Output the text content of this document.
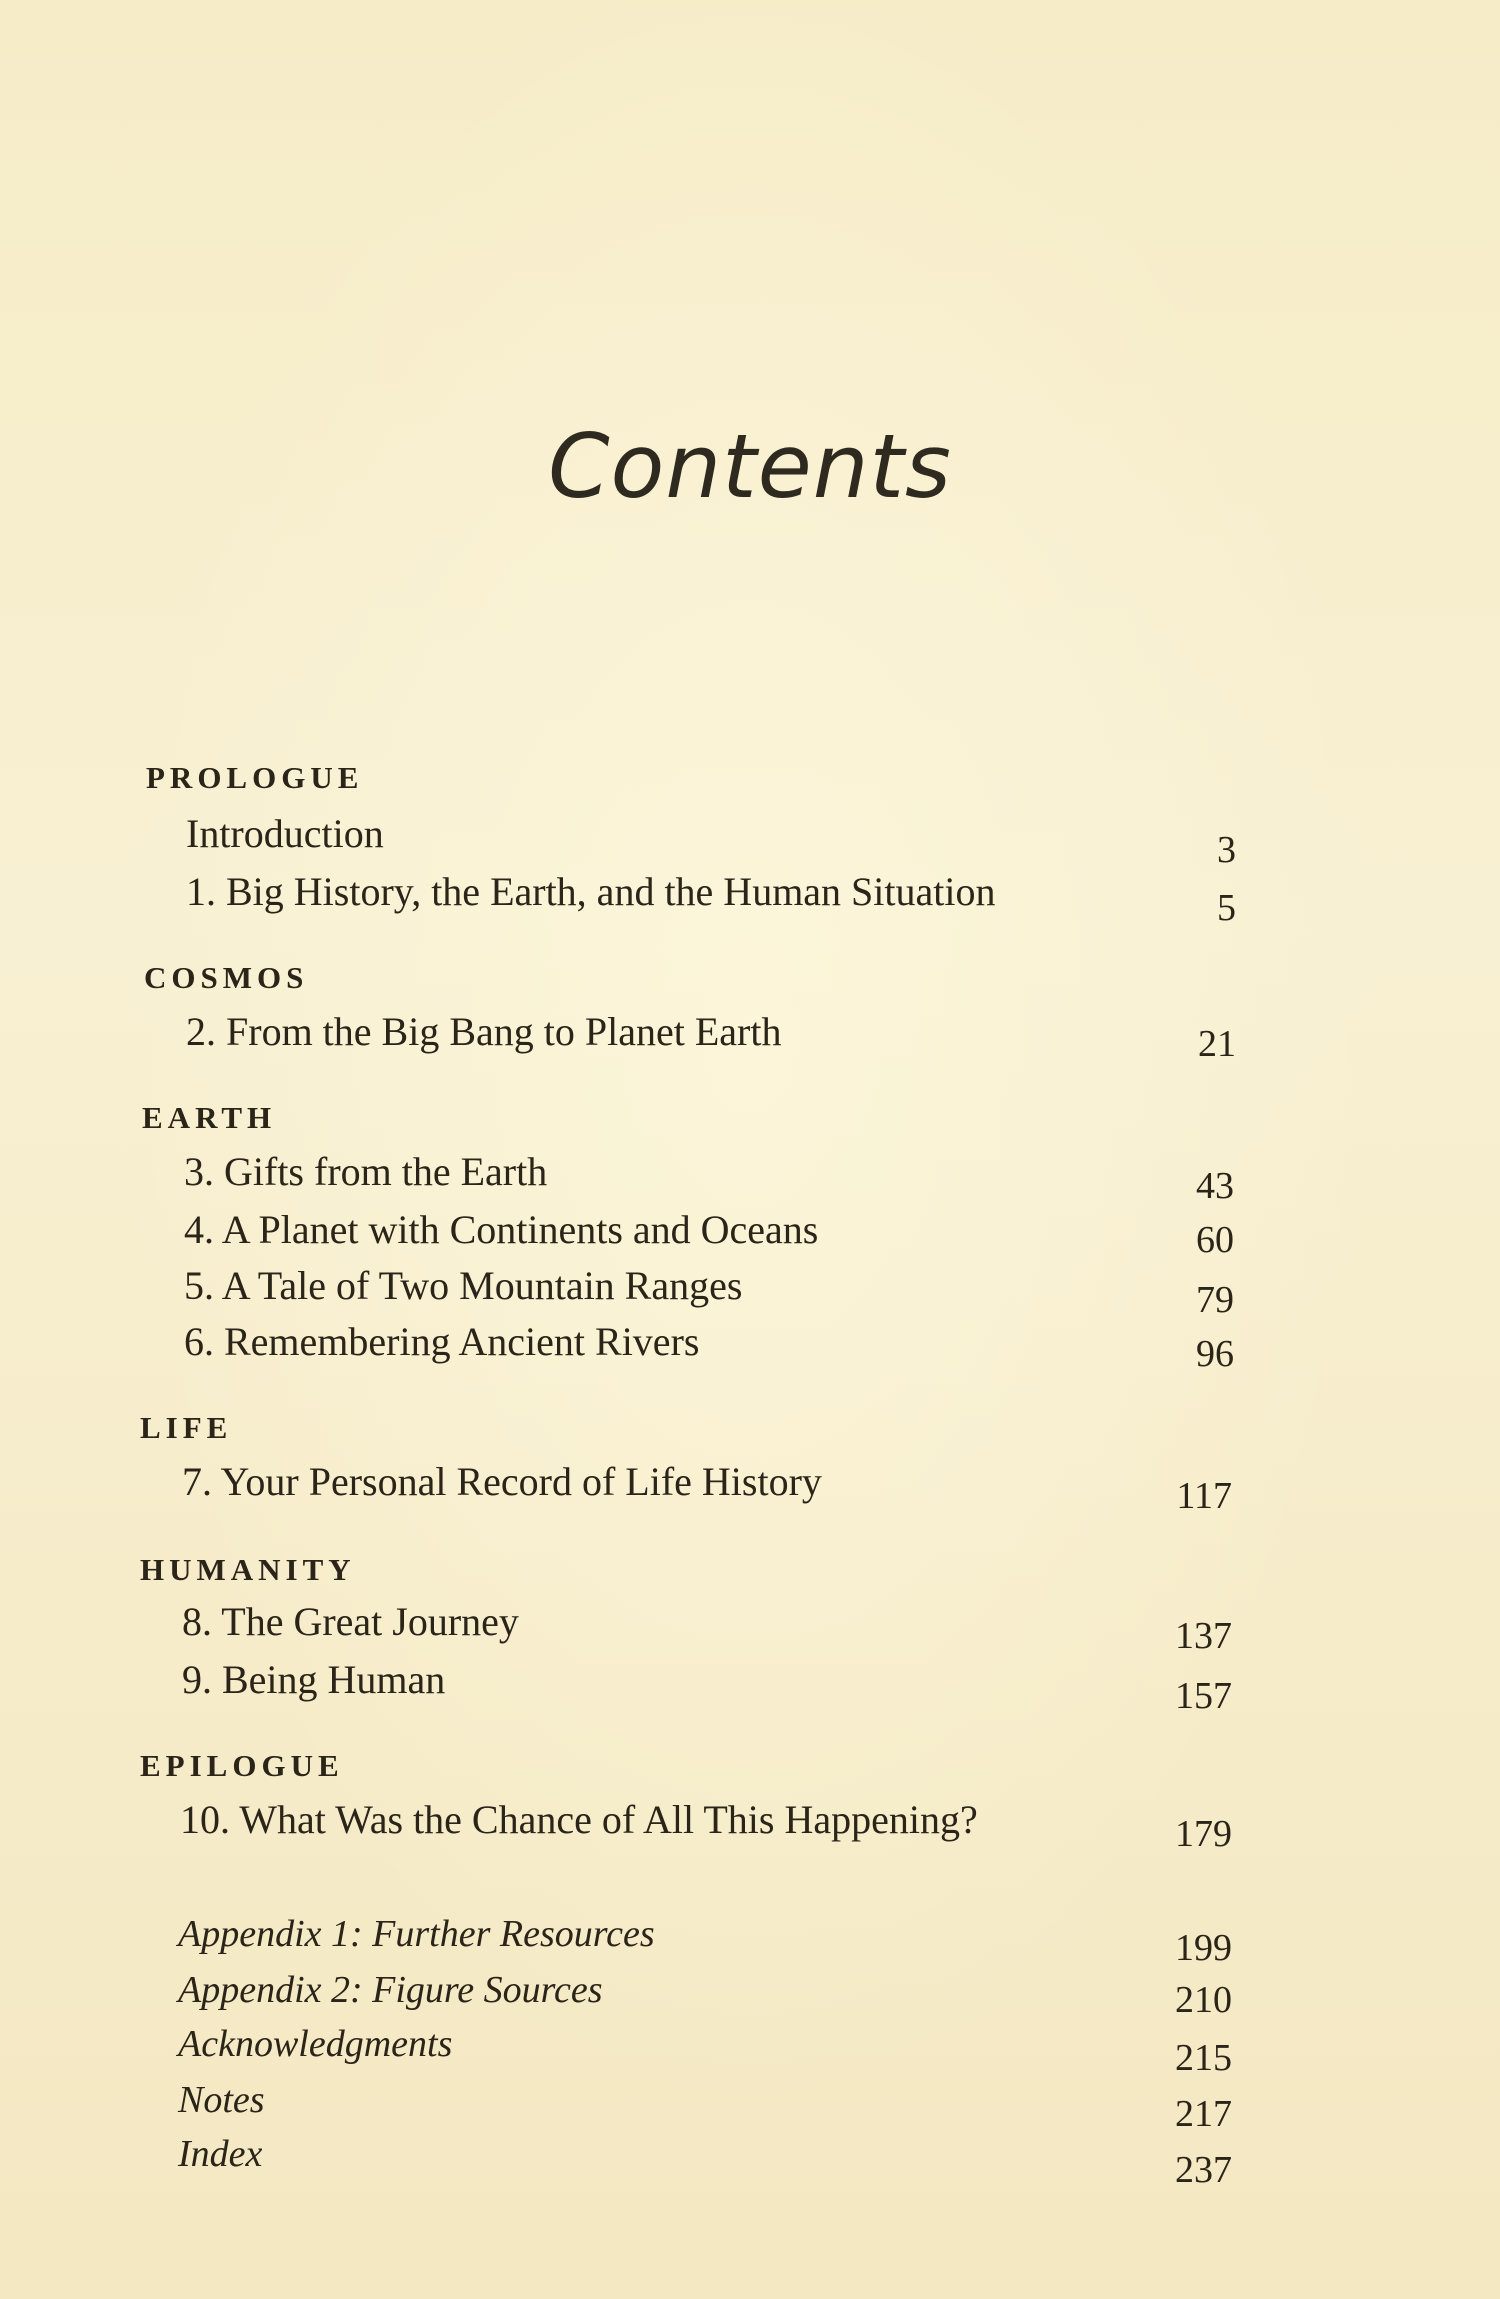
Contents
PROLOGUE
Introduction	3
1. Big History, the Earth, and the Human Situation	5
COSMOS
2. From the Big Bang to Planet Earth	21
EARTH
3. Gifts from the Earth	43
4. A Planet with Continents and Oceans	60
5. A Tale of Two Mountain Ranges	79
6. Remembering Ancient Rivers	96
LIFE
7. Your Personal Record of Life History	117
HUMANITY
8. The Great Journey	137
9. Being Human	157
EPILOGUE
10. What Was the Chance of All This Happening?	179
Appendix 1: Further Resources	199
Appendix 2: Figure Sources	210
Acknowledgments	215
Notes	217
Index	237
